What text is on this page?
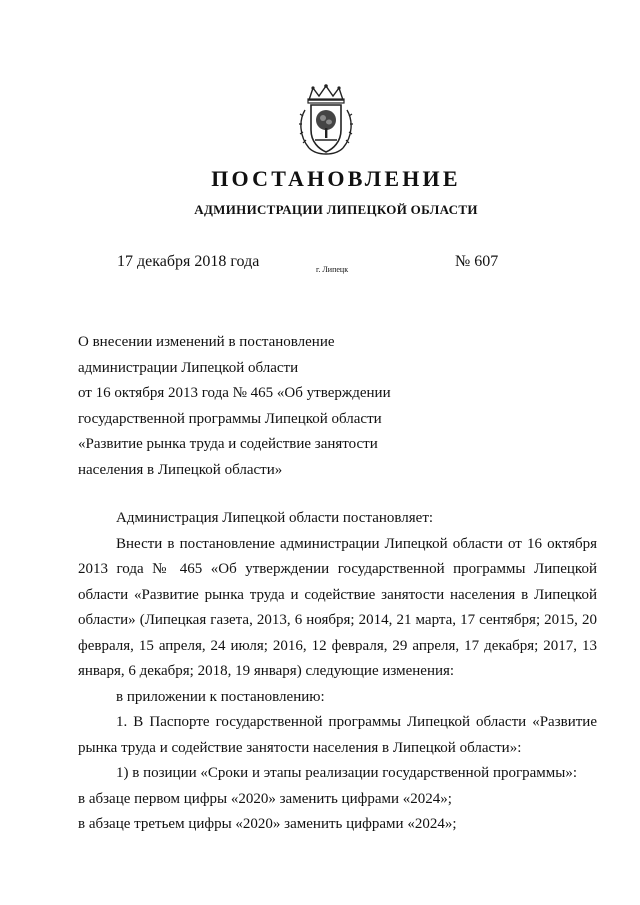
ПОСТАНОВЛЕНИЕ
АДМИНИСТРАЦИИ ЛИПЕЦКОЙ ОБЛАСТИ
17 декабря 2018 года	г. Липецк	№ 607
О внесении изменений в постановление
администрации Липецкой области
от 16 октября 2013 года № 465 «Об утверждении
государственной программы Липецкой области
«Развитие рынка труда и содействие занятости
населения в Липецкой области»

Администрация Липецкой области постановляет:

Внести в постановление администрации Липецкой области от 16 октября 2013 года № 465 «Об утверждении государственной программы Липецкой области «Развитие рынка труда и содействие занятости населения в Липецкой области» (Липецкая газета, 2013, 6 ноября; 2014, 21 марта, 17 сентября; 2015, 20 февраля, 15 апреля, 24 июля; 2016, 12 февраля, 29 апреля, 17 декабря; 2017, 13 января, 6 декабря; 2018, 19 января) следующие изменения:

в приложении к постановлению:

1. В Паспорте государственной программы Липецкой области «Развитие рынка труда и содействие занятости населения в Липецкой области»:

1) в позиции «Сроки и этапы реализации государственной программы»:

в абзаце первом цифры «2020» заменить цифрами «2024»;

в абзаце третьем цифры «2020» заменить цифрами «2024»;
